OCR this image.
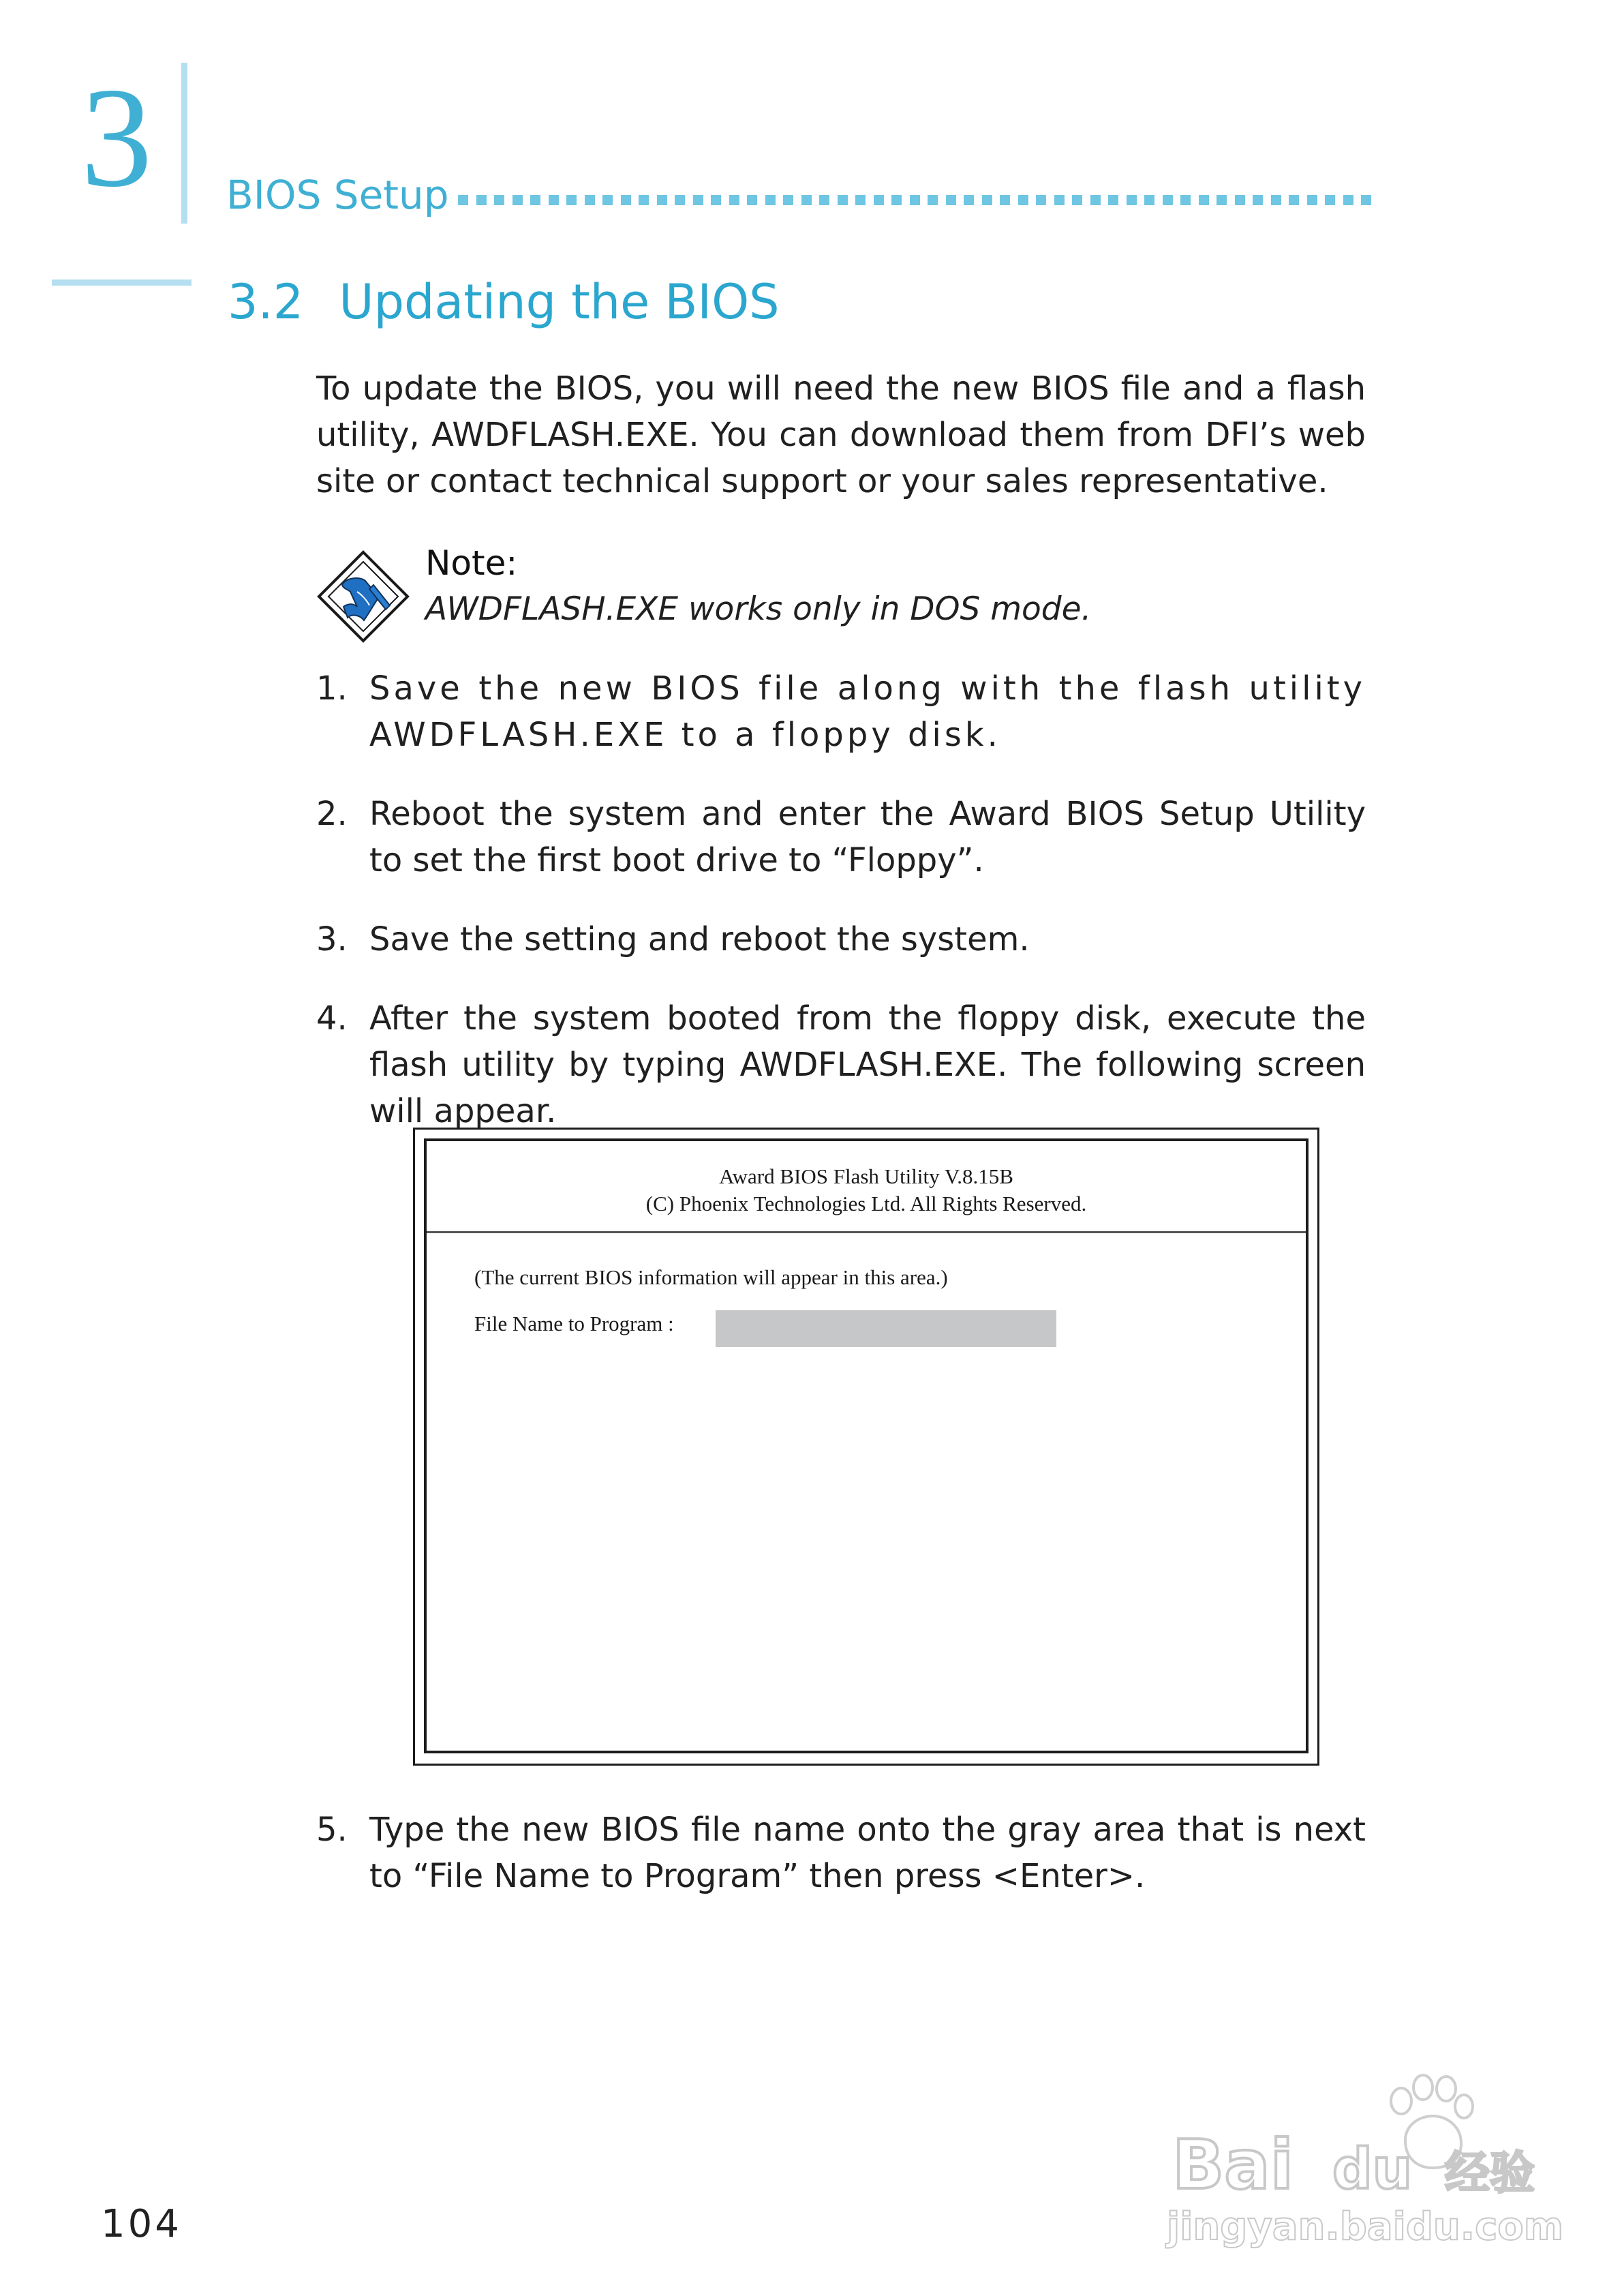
3	BIOS Setup
3.2 Updating the BIOS
To update the BIOS, you will need the new BIOS file and a flash utility, AWDFLASH.EXE. You can download them from DFI’s web site or contact technical support or your sales representative.
Note:
AWDFLASH.EXE works only in DOS mode.
1. Save the new BIOS file along with the flash utility AWDFLASH.EXE to a floppy disk.
2. Reboot the system and enter the Award BIOS Setup Utility to set the first boot drive to “Floppy”.
3. Save the setting and reboot the system.
4. After the system booted from the floppy disk, execute the flash utility by typing AWDFLASH.EXE. The following screen will appear.
Award BIOS Flash Utility V.8.15B
(C) Phoenix Technologies Ltd. All Rights Reserved.
(The current BIOS information will appear in this area.)
File Name to Program :
5. Type the new BIOS file name onto the gray area that is next to “File Name to Program” then press <Enter>.
104
Bai du 经验
jingyan.baidu.com
